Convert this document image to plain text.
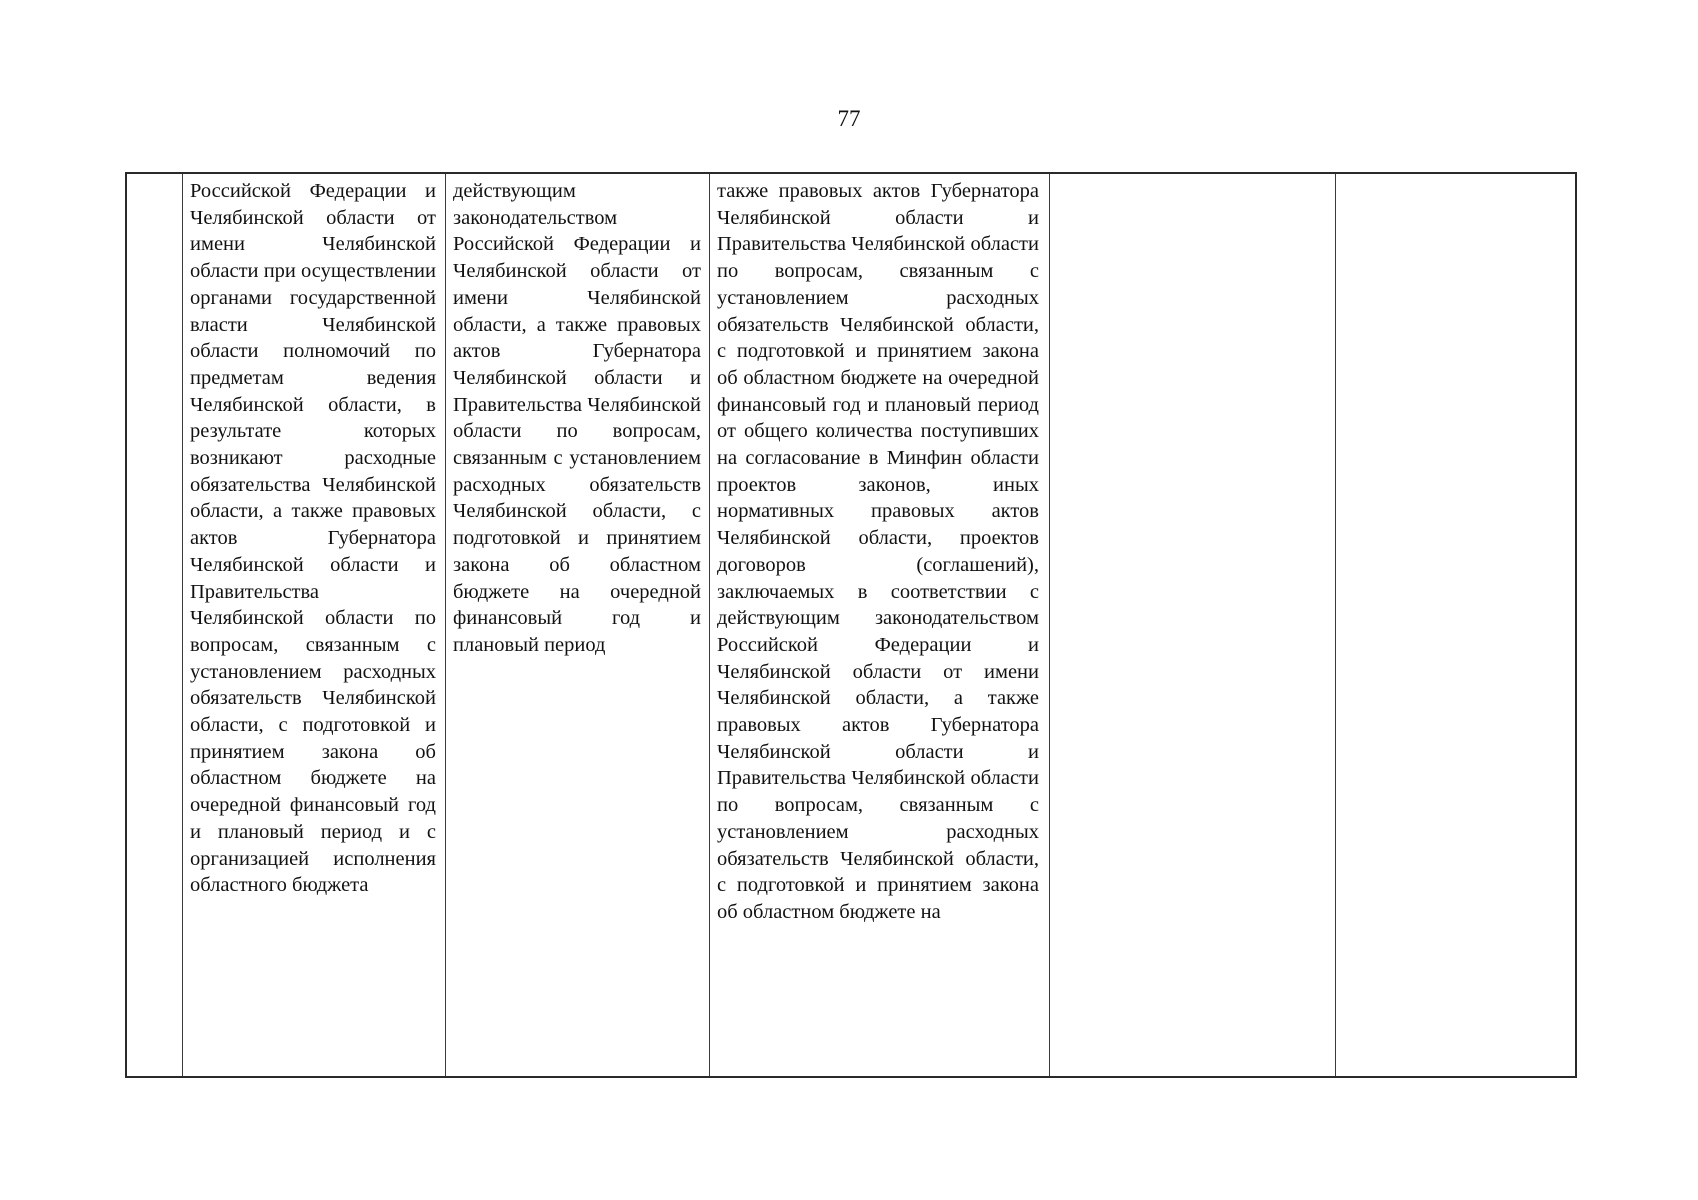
77

Российской Федерации и Челябинской области от имени Челябинской области при осуществлении органами государственной власти Челябинской области полномочий по предметам ведения Челябинской области, в результате которых возникают расходные обязательства Челябинской области, а также правовых актов Губернатора Челябинской области и Правительства Челябинской области по вопросам, связанным с установлением расходных обязательств Челябинской области, с подготовкой и принятием закона об областном бюджете на очередной финансовый год и плановый период и с организацией исполнения областного бюджета

действующим законодательством Российской Федерации и Челябинской области от имени Челябинской области, а также правовых актов Губернатора Челябинской области и Правительства Челябинской области по вопросам, связанным с установлением расходных обязательств Челябинской области, с подготовкой и принятием закона об областном бюджете на очередной финансовый год и плановый период

также правовых актов Губернатора Челябинской области и Правительства Челябинской области по вопросам, связанным с установлением расходных обязательств Челябинской области, с подготовкой и принятием закона об областном бюджете на очередной финансовый год и плановый период от общего количества поступивших на согласование в Минфин области проектов законов, иных нормативных правовых актов Челябинской области, проектов договоров (соглашений), заключаемых в соответствии с действующим законодательством Российской Федерации и Челябинской области от имени Челябинской области, а также правовых актов Губернатора Челябинской области и Правительства Челябинской области по вопросам, связанным с установлением расходных обязательств Челябинской области, с подготовкой и принятием закона об областном бюджете на
